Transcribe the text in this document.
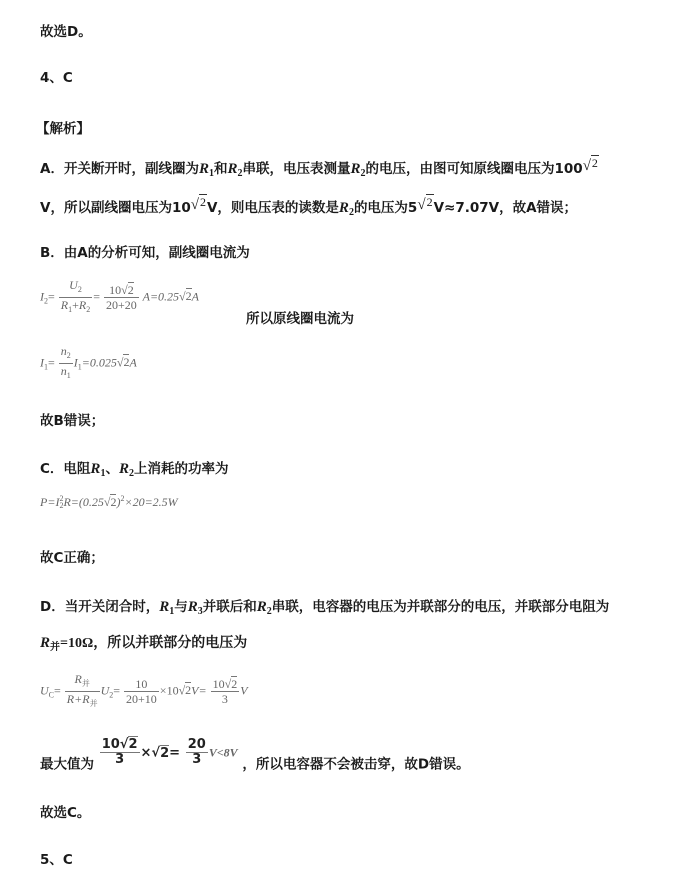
故选D。
4、C
【解析】
A．开关断开时，副线圈为$R_1$和$R_2$串联，电压表测量$R_2$的电压，由图可知原线圈电压为100√2
V，所以副线圈电压为10√2V，则电压表的读数是$R_2$的电压为5√2V≈7.07V，故A错误；
B．由A的分析可知，副线圈电流为
$I_2= \frac{U_2}{R_1+R_2} = \frac{10√2}{20+20} A=0.25√2A$
所以原线圈电流为
$I_1= \frac{n_2}{n_1} I_1=0.025√2A$
故B错误；
C．电阻$R_1$、$R_2$上消耗的功率为
P=I 2
2 $R=(0.25√2)^2\times 20=2.5W$
故C正确；
D．当开关闭合时，$R_1$与$R_3$并联后和$R_2$串联，电容器的电压为并联部分的电压，并联部分电阻为
$R_并=10\Omega$，所以并联部分的电压为
$U_C= \frac{R_并}{R+R_并} U_2= \frac{10}{20+10} \times 10√2V= \frac{10√2}{3}$ V
最大值为 $\frac{10√2}{3} \times√2= \frac{20}{3} V<8V$ ，所以电容器不会被击穿，故D错误。
故选C。
5、C
